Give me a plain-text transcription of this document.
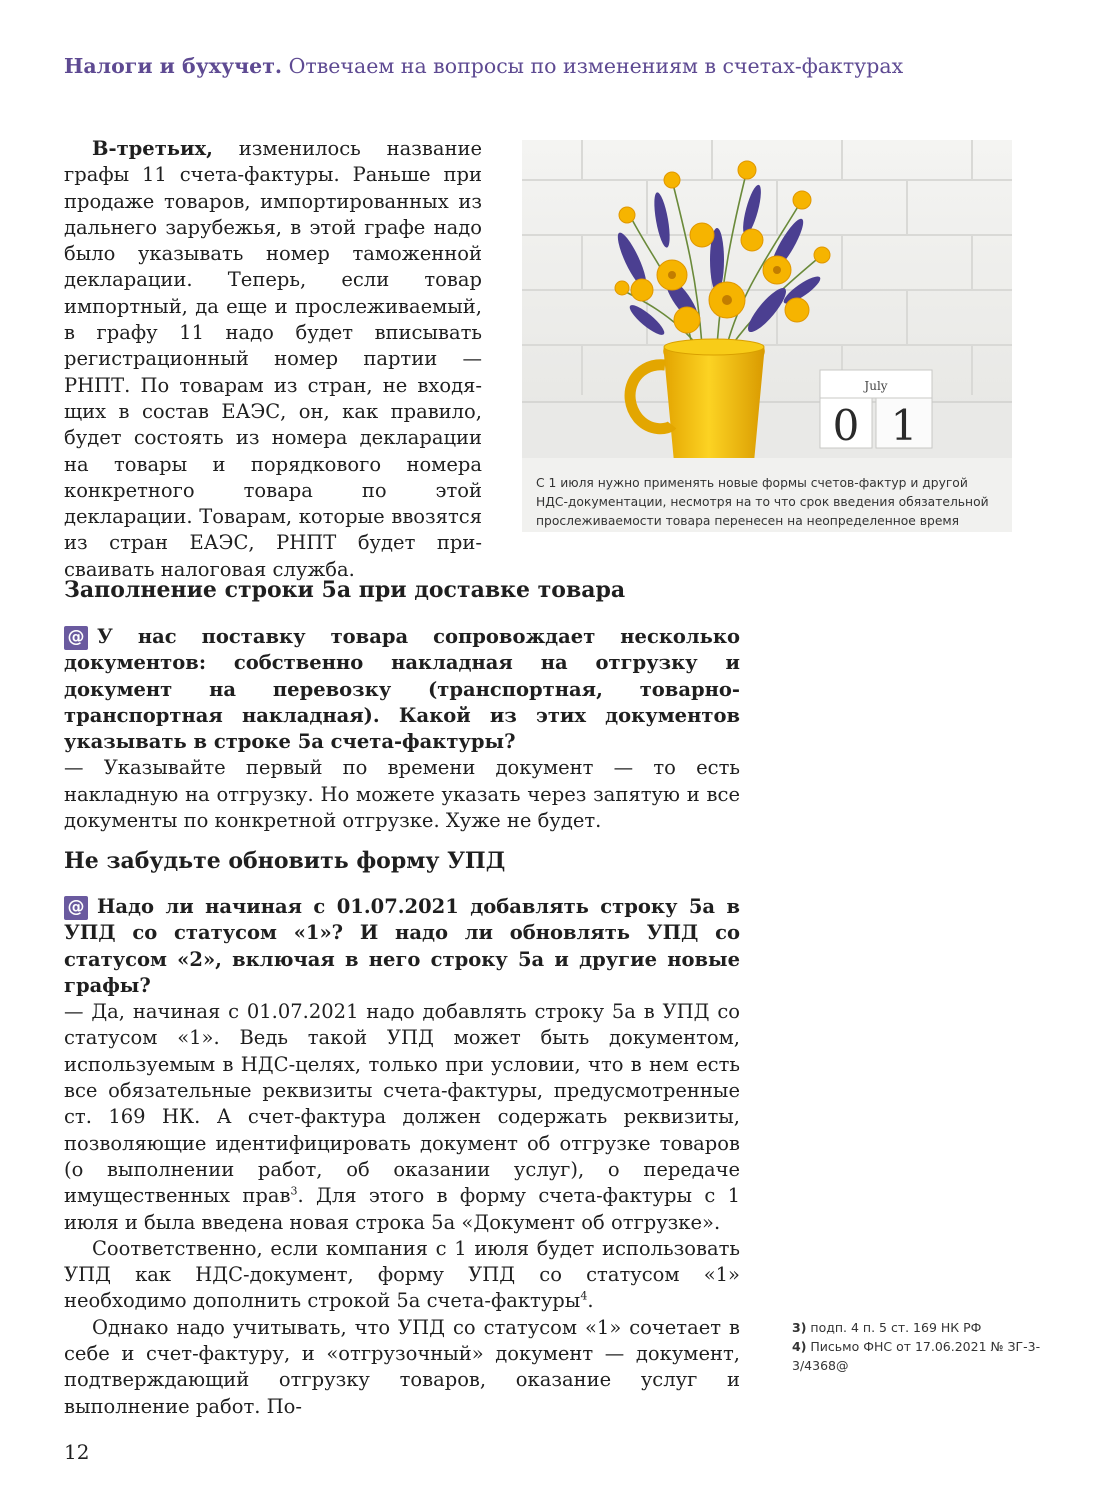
Налоги и бухучет. Отвечаем на вопросы по изменениям в счетах-фактурах

В-третьих, изменилось название графы 11 счета-фактуры. Раньше при продаже товаров, импортированных из дальнего зарубежья, в этой графе надо было указывать номер таможенной декларации. Теперь, если товар импортный, да еще и прослеживаемый, в графу 11 надо будет вписывать регистрационный номер партии — РНПТ. По товарам из стран, не входящих в состав ЕАЭС, он, как правило, будет состоять из номера декларации на товары и порядкового номера конкретного товара по этой декларации. Товарам, которые ввозятся из стран ЕАЭС, РНПТ будет присваивать налоговая служба.

July
0 1
С 1 июля нужно применять новые формы счетов-фактур и другой НДС-документации, несмотря на то что срок введения обязательной прослеживаемости товара перенесен на неопределенное время
Заполнение строки 5а при доставке товара

@ У нас поставку товара сопровождает несколько документов: собственно накладная на отгрузку и документ на перевозку (транспортная, товарно-транспортная накладная). Какой из этих документов указывать в строке 5а счета-фактуры?

— Указывайте первый по времени документ — то есть накладную на отгрузку. Но можете указать через запятую и все документы по конкретной отгрузке. Хуже не будет.

Не забудьте обновить форму УПД

@ Надо ли начиная с 01.07.2021 добавлять строку 5а в УПД со статусом «1»? И надо ли обновлять УПД со статусом «2», включая в него строку 5а и другие новые графы?

— Да, начиная с 01.07.2021 надо добавлять строку 5а в УПД со статусом «1». Ведь такой УПД может быть документом, используемым в НДС-целях, только при условии, что в нем есть все обязательные реквизиты счета-фактуры, предусмотренные ст. 169 НК. А счет-фактура должен содержать реквизиты, позволяющие идентифицировать документ об отгрузке товаров (о выполнении работ, об оказании услуг), о передаче имущественных прав$^3$. Для этого в форму счета-фактуры с 1 июля и была введена новая строка 5а «Документ об отгрузке».

Соответственно, если компания с 1 июля будет использовать УПД как НДС-документ, форму УПД со статусом «1» необходимо дополнить строкой 5а счета-фактуры$^4$.

Однако надо учитывать, что УПД со статусом «1» сочетает в себе и счет-фактуру, и «отгрузочный» документ — документ, подтверждающий отгрузку товаров, оказание услуг и выполнение работ. По-

3) подп. 4 п. 5 ст. 169 НК РФ
4) Письмо ФНС от 17.06.2021 № ЗГ-3-3/4368@
12
